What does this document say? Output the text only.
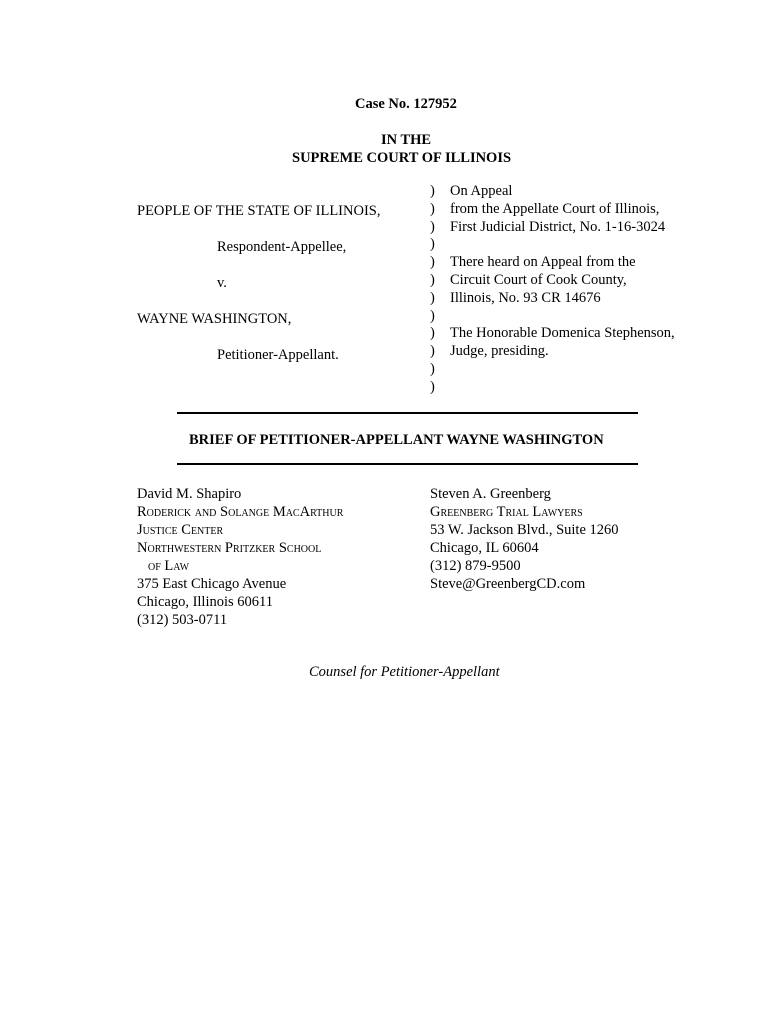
Case No. 127952
IN THE
SUPREME COURT OF ILLINOIS
PEOPLE OF THE STATE OF ILLINOIS,
Respondent-Appellee,
v.
WAYNE WASHINGTON,
Petitioner-Appellant.
)
)
)
)
)
)
)
)
)
)
)
)
On Appeal
from the Appellate Court of Illinois,
First Judicial District, No. 1-16-3024
There heard on Appeal from the
Circuit Court of Cook County,
Illinois, No. 93 CR 14676
The Honorable Domenica Stephenson,
Judge, presiding.
BRIEF OF PETITIONER-APPELLANT WAYNE WASHINGTON
David M. Shapiro
Roderick and Solange MacArthur
Justice Center
Northwestern Pritzker School
of Law
375 East Chicago Avenue
Chicago, Illinois 60611
(312) 503-0711
Steven A. Greenberg
Greenberg Trial Lawyers
53 W. Jackson Blvd., Suite 1260
Chicago, IL 60604
(312) 879-9500
Steve@GreenbergCD.com
Counsel for Petitioner-Appellant
